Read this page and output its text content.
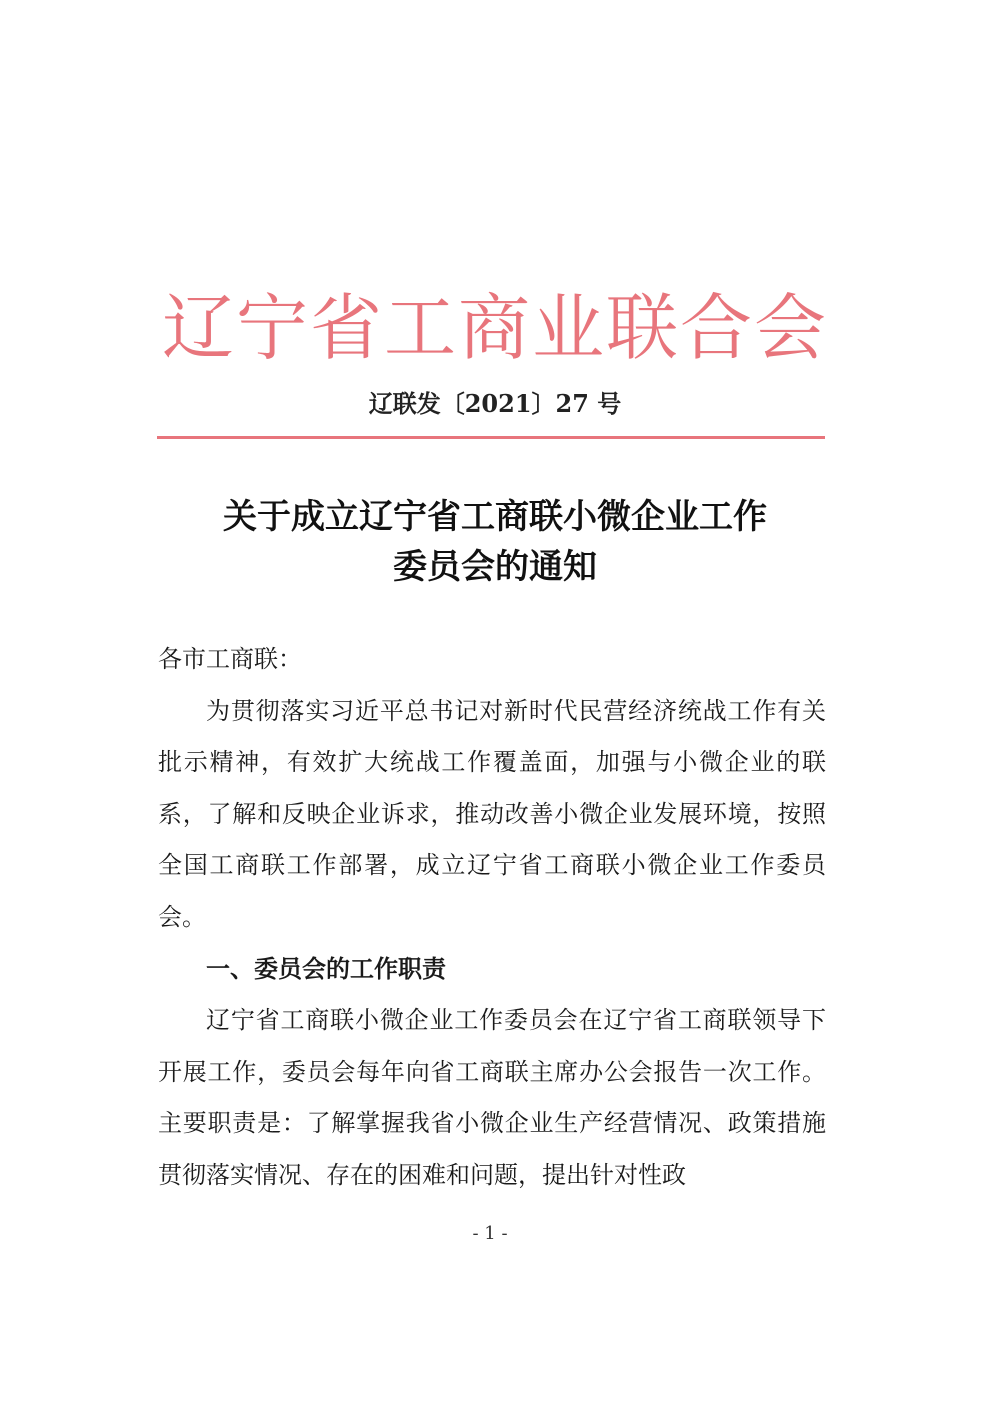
辽宁省工商业联合会
辽联发〔2021〕27 号
关于成立辽宁省工商联小微企业工作
委员会的通知

各市工商联：

为贯彻落实习近平总书记对新时代民营经济统战工作有关批示精神，有效扩大统战工作覆盖面，加强与小微企业的联系，了解和反映企业诉求，推动改善小微企业发展环境，按照全国工商联工作部署，成立辽宁省工商联小微企业工作委员会。

一、委员会的工作职责

辽宁省工商联小微企业工作委员会在辽宁省工商联领导下开展工作，委员会每年向省工商联主席办公会报告一次工作。主要职责是：了解掌握我省小微企业生产经营情况、政策措施贯彻落实情况、存在的困难和问题，提出针对性政

- 1 -
